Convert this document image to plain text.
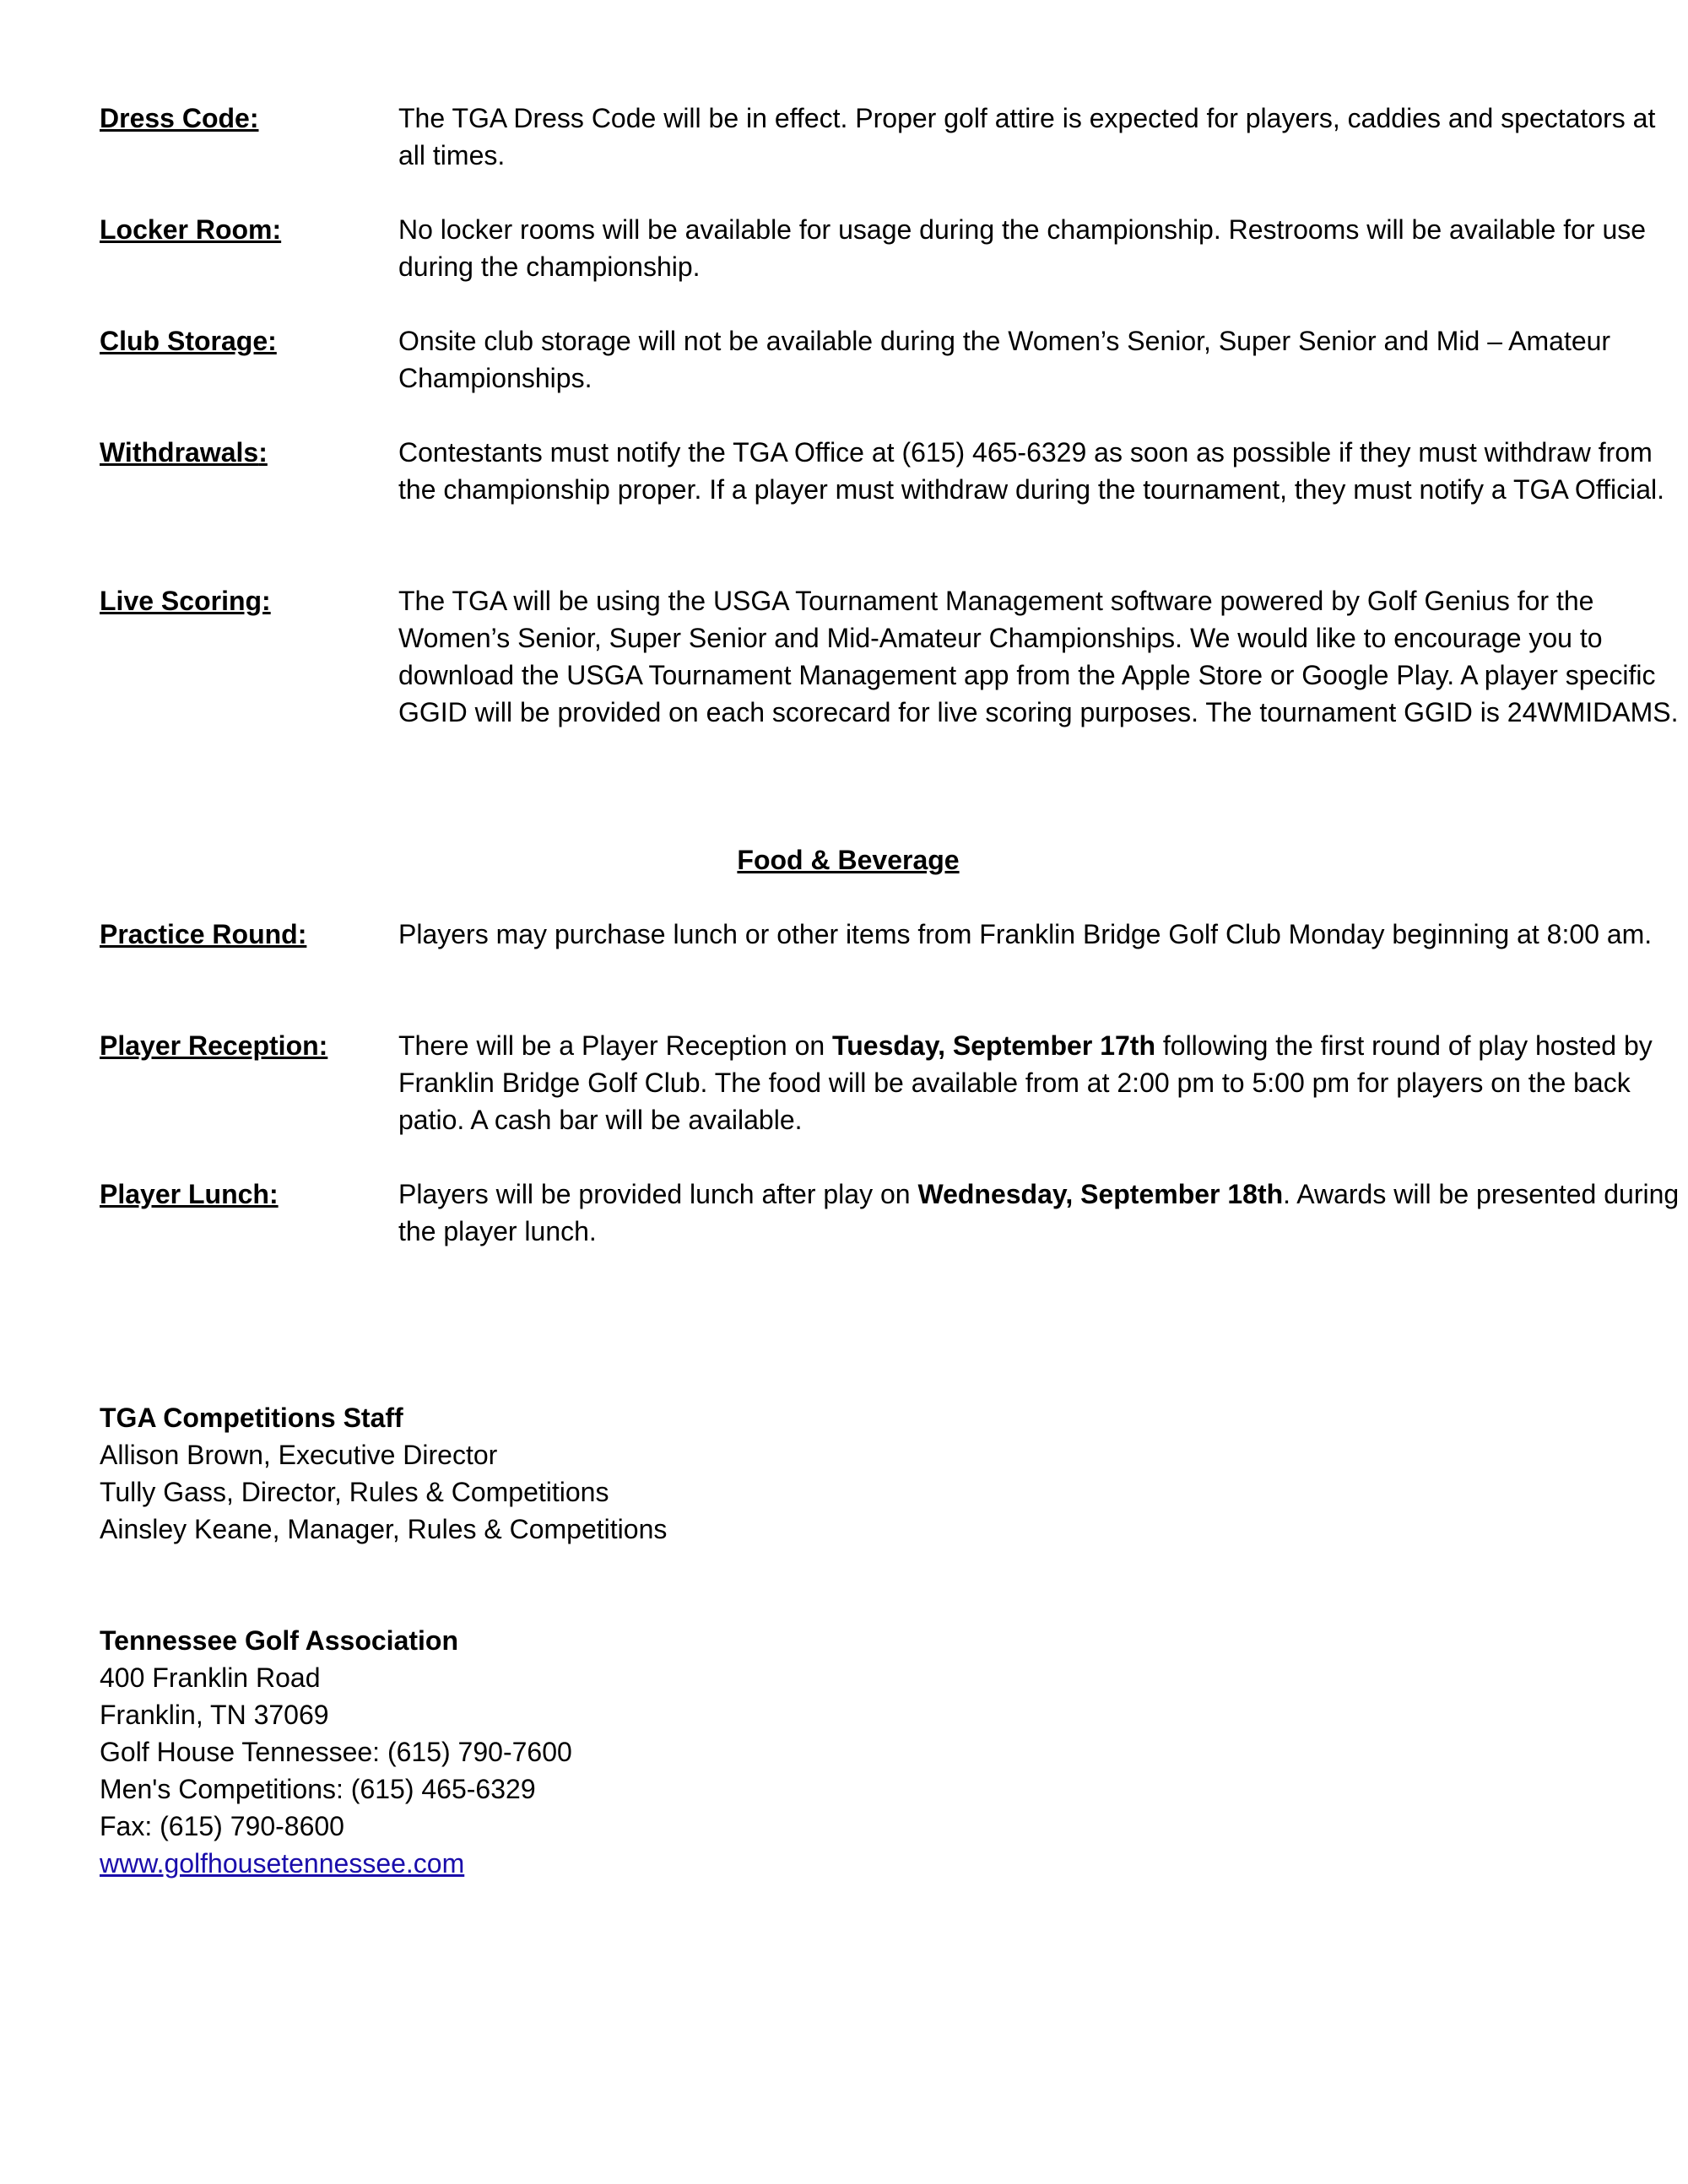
Dress Code:	The TGA Dress Code will be in effect. Proper golf attire is expected for players, caddies and spectators at all times.
Locker Room:	No locker rooms will be available for usage during the championship. Restrooms will be available for use during the championship.
Club Storage:	Onsite club storage will not be available during the Women’s Senior, Super Senior and Mid – Amateur Championships.
Withdrawals:	Contestants must notify the TGA Office at (615) 465-6329 as soon as possible if they must withdraw from the championship proper. If a player must withdraw during the tournament, they must notify a TGA Official.
Live Scoring:	The TGA will be using the USGA Tournament Management software powered by Golf Genius for the Women’s Senior, Super Senior and Mid-Amateur Championships. We would like to encourage you to download the USGA Tournament Management app from the Apple Store or Google Play. A player specific GGID will be provided on each scorecard for live scoring purposes. The tournament GGID is 24WMIDAMS.
Food & Beverage
Practice Round:	Players may purchase lunch or other items from Franklin Bridge Golf Club Monday beginning at 8:00 am.
Player Reception:	There will be a Player Reception on Tuesday, September 17th following the first round of play hosted by Franklin Bridge Golf Club. The food will be available from at 2:00 pm to 5:00 pm for players on the back patio. A cash bar will be available.
Player Lunch:	Players will be provided lunch after play on Wednesday, September 18th. Awards will be presented during the player lunch.
TGA Competitions Staff
Allison Brown, Executive Director
Tully Gass, Director, Rules & Competitions
Ainsley Keane, Manager, Rules & Competitions
Tennessee Golf Association
400 Franklin Road
Franklin, TN 37069
Golf House Tennessee: (615) 790-7600
Men's Competitions: (615) 465-6329
Fax: (615) 790-8600
www.golfhousetennessee.com
